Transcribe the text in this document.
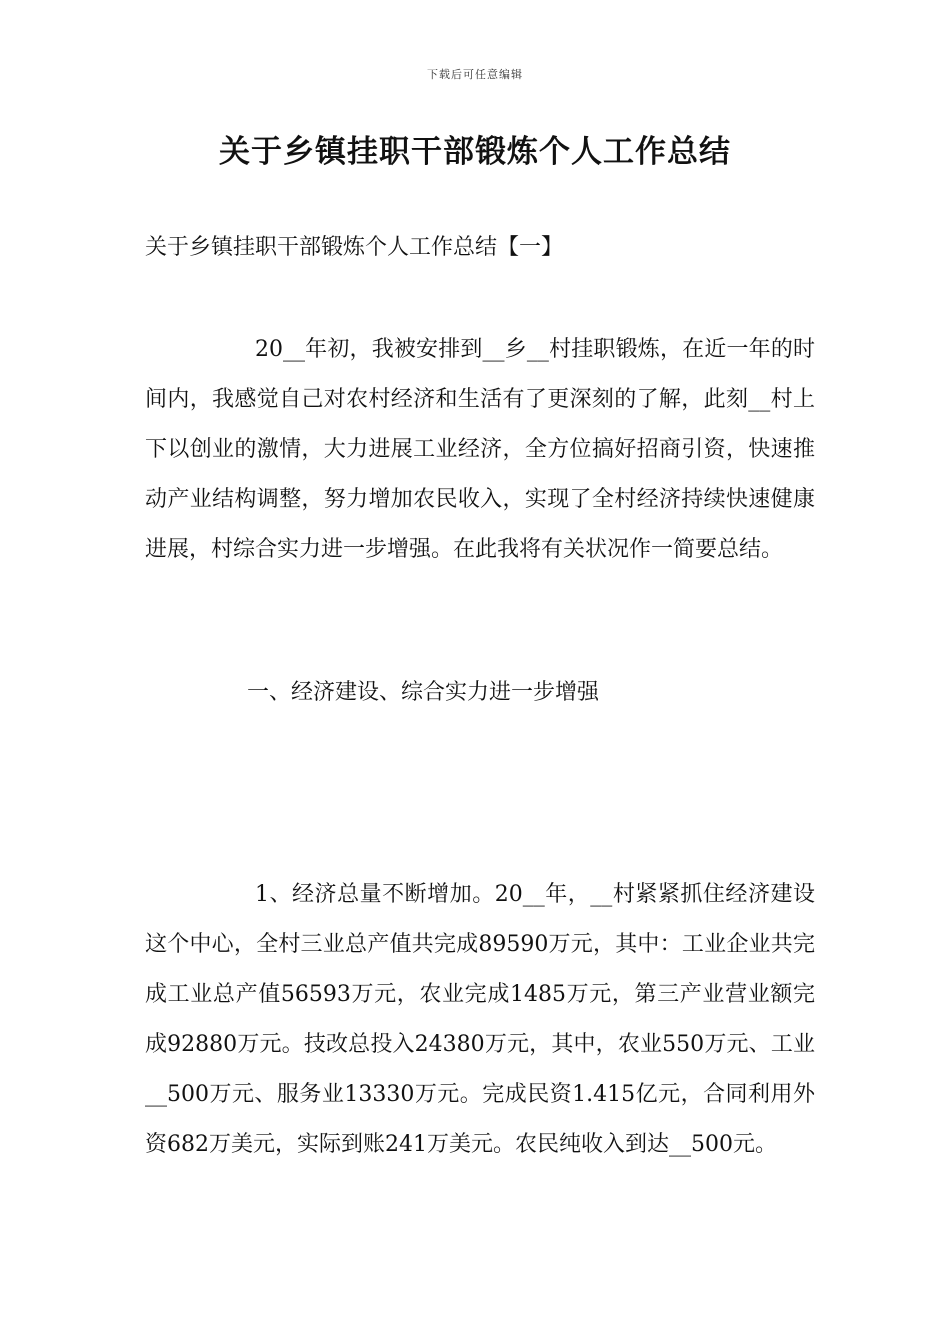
下载后可任意编辑
关于乡镇挂职干部锻炼个人工作总结
关于乡镇挂职干部锻炼个人工作总结【一】

20__年初，我被安排到__乡__村挂职锻炼，在近一年的时间内，我感觉自己对农村经济和生活有了更深刻的了解，此刻__村上下以创业的激情，大力进展工业经济，全方位搞好招商引资，快速推动产业结构调整，努力增加农民收入，实现了全村经济持续快速健康进展，村综合实力进一步增强。在此我将有关状况作一简要总结。

一、经济建设、综合实力进一步增强

1、经济总量不断增加。20__年，__村紧紧抓住经济建设这个中心，全村三业总产值共完成89590万元，其中：工业企业共完成工业总产值56593万元，农业完成1485万元，第三产业营业额完成92880万元。技改总投入24380万元，其中，农业550万元、工业__500万元、服务业13330万元。完成民资1.415亿元，合同利用外资682万美元，实际到账241万美元。农民纯收入到达__500元。
